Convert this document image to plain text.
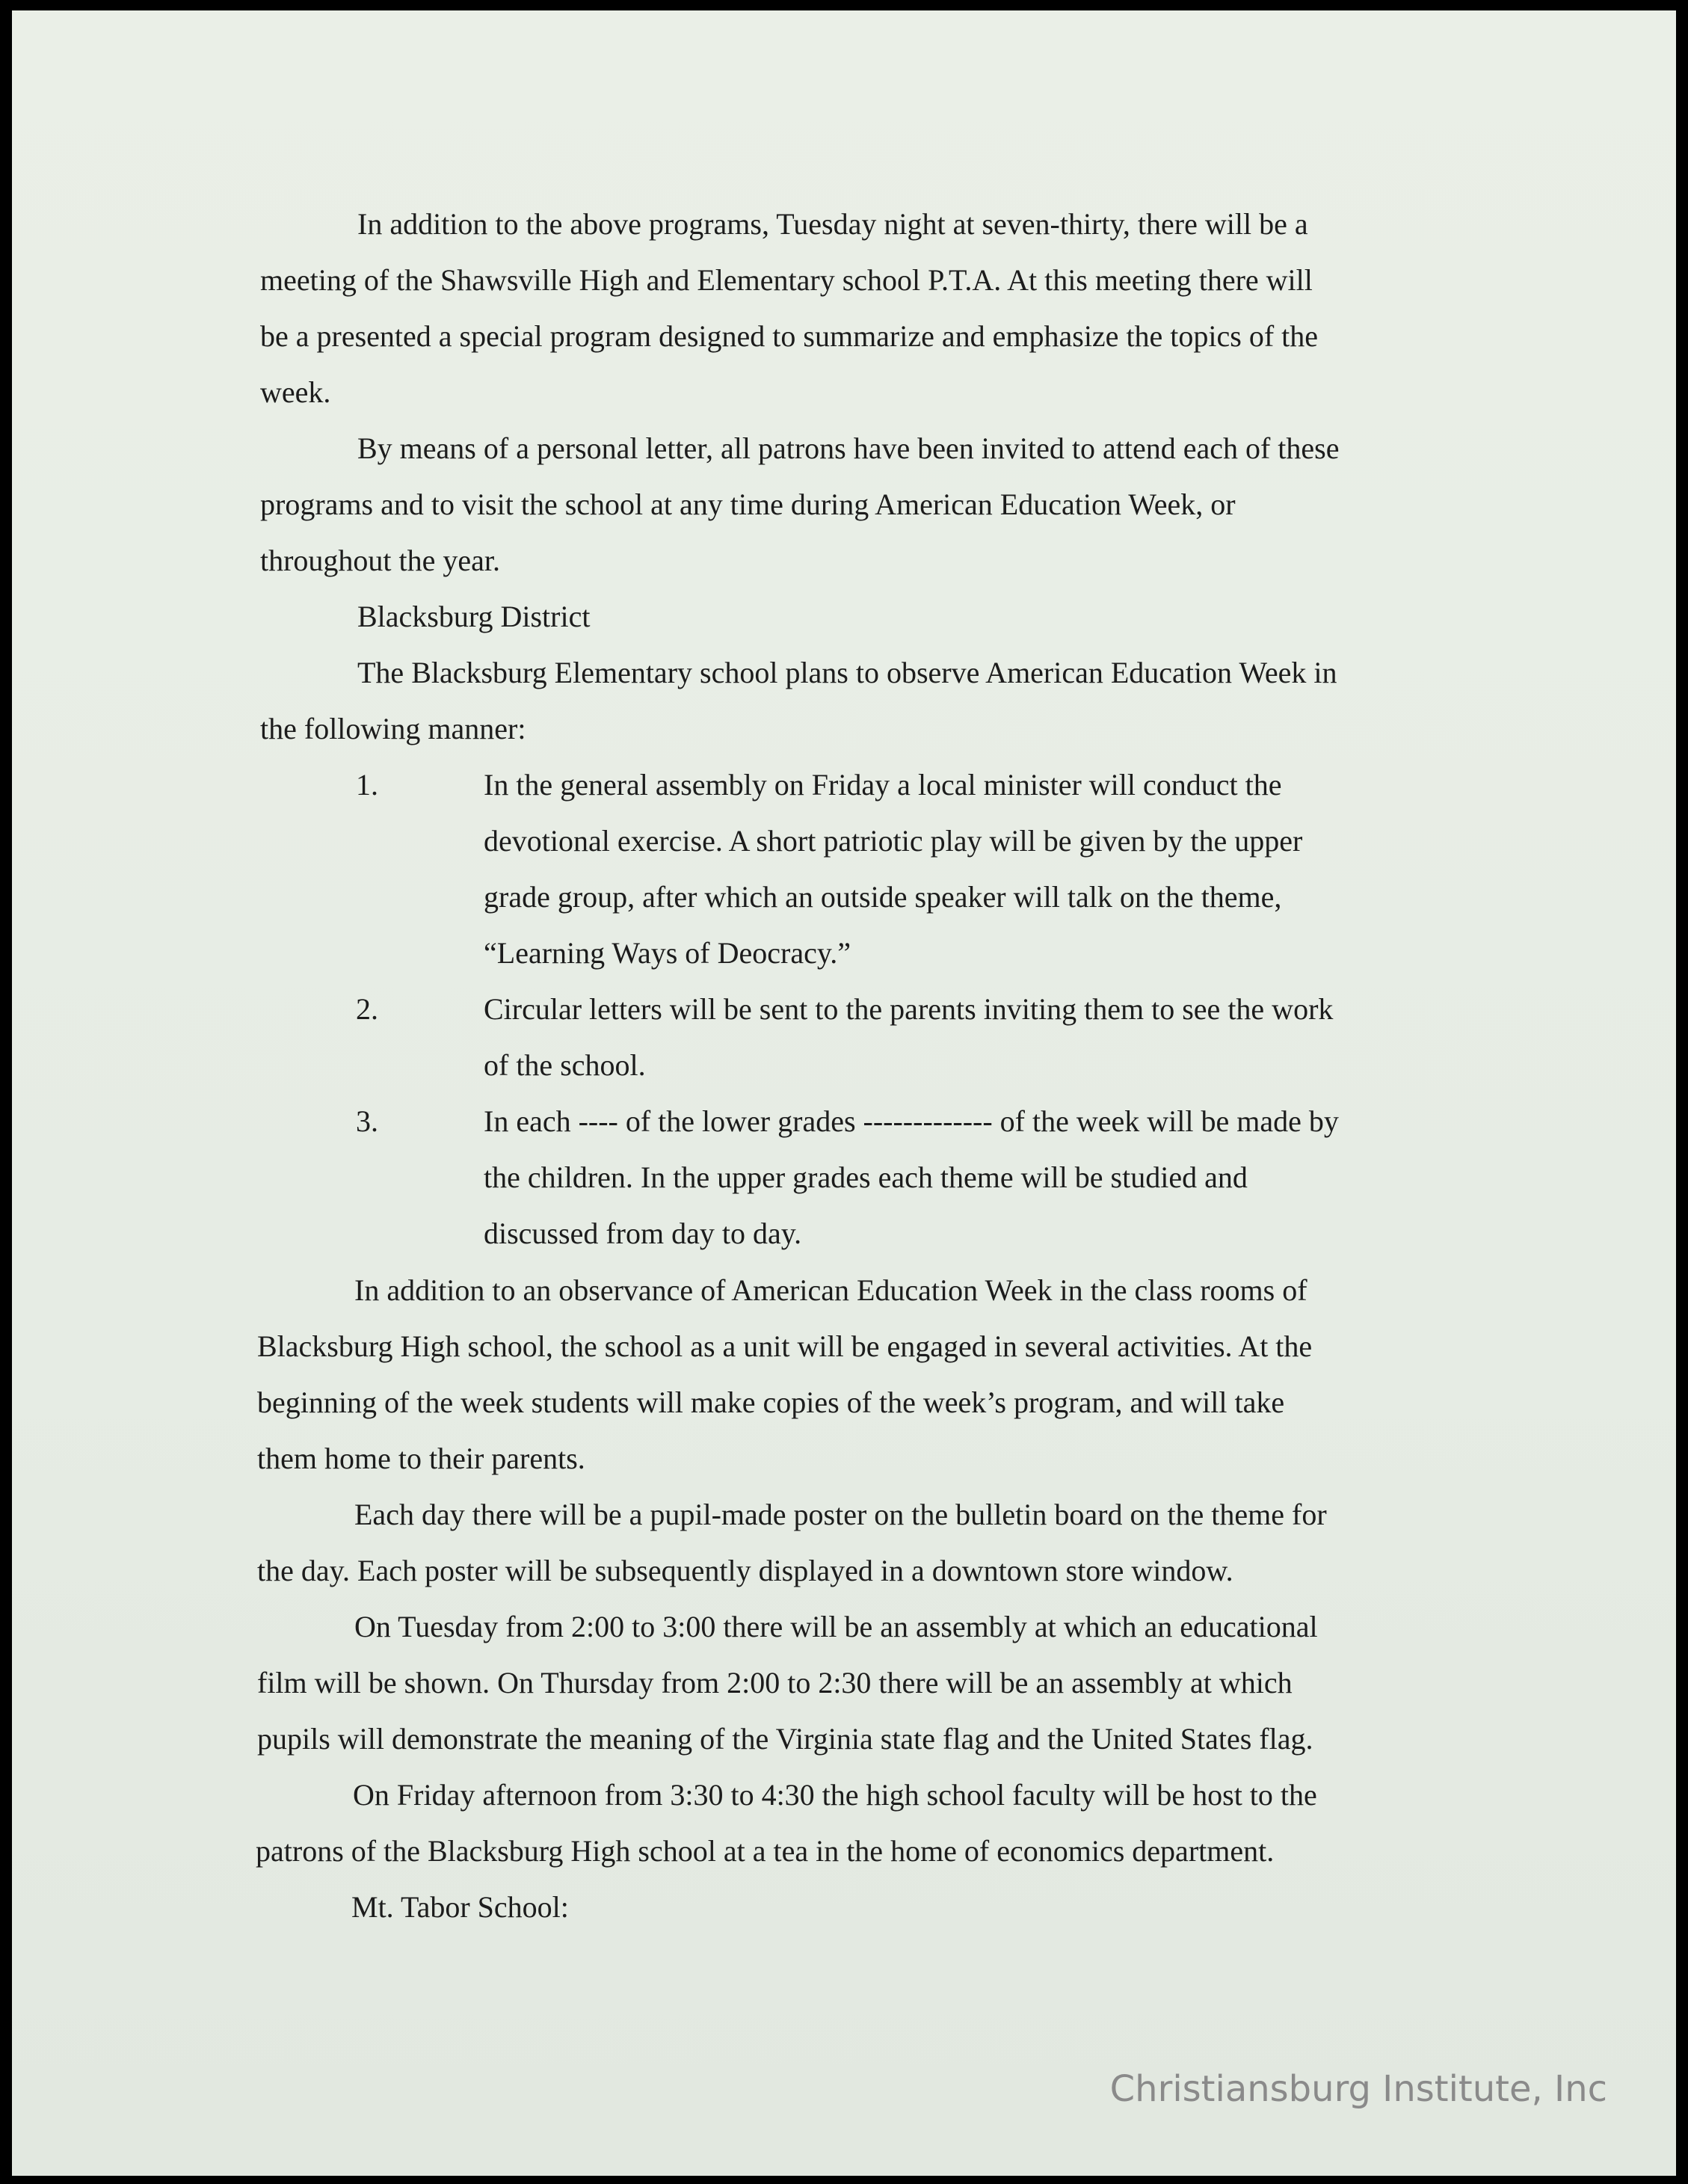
In addition to the above programs, Tuesday night at seven-thirty, there will be a
meeting of the Shawsville High and Elementary school P.T.A. At this meeting there will
be a presented a special program designed to summarize and emphasize the topics of the
week.
By means of a personal letter, all patrons have been invited to attend each of these
programs and to visit the school at any time during American Education Week, or
throughout the year.
Blacksburg District
The Blacksburg Elementary school plans to observe American Education Week in
the following manner:
1.	In the general assembly on Friday a local minister will conduct the
devotional exercise. A short patriotic play will be given by the upper
grade group, after which an outside speaker will talk on the theme,
“Learning Ways of Deocracy.”
2.	Circular letters will be sent to the parents inviting them to see the work
of the school.
3.	In each ---- of the lower grades ------------- of the week will be made by
the children. In the upper grades each theme will be studied and
discussed from day to day.
In addition to an observance of American Education Week in the class rooms of
Blacksburg High school, the school as a unit will be engaged in several activities. At the
beginning of the week students will make copies of the week’s program, and will take
them home to their parents.
Each day there will be a pupil-made poster on the bulletin board on the theme for
the day. Each poster will be subsequently displayed in a downtown store window.
On Tuesday from 2:00 to 3:00 there will be an assembly at which an educational
film will be shown. On Thursday from 2:00 to 2:30 there will be an assembly at which
pupils will demonstrate the meaning of the Virginia state flag and the United States flag.
On Friday afternoon from 3:30 to 4:30 the high school faculty will be host to the
patrons of the Blacksburg High school at a tea in the home of economics department.
Mt. Tabor School:
Christiansburg Institute, Inc
